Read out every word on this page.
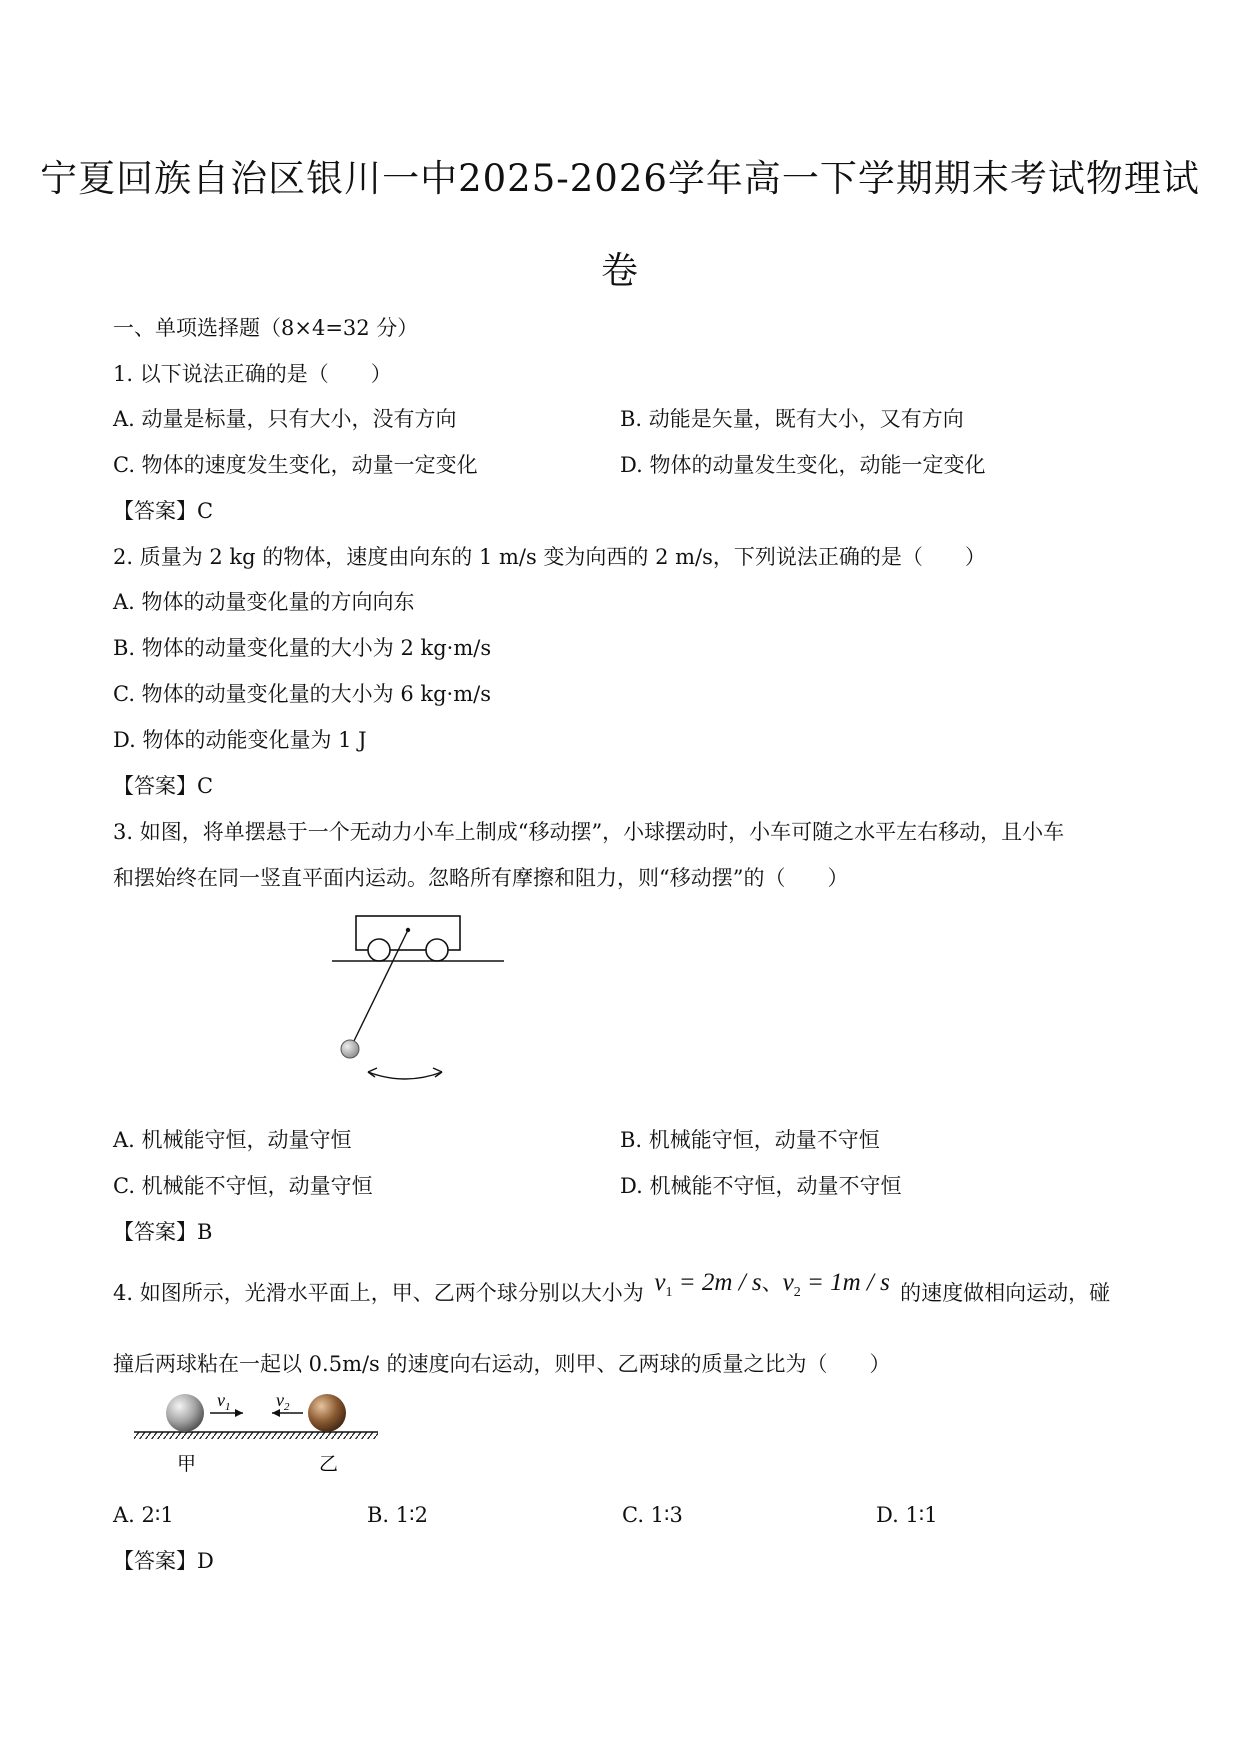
宁夏回族自治区银川一中2025-2026学年高一下学期期末考试物理试
卷
一、单项选择题（8×4=32 分）
1. 以下说法正确的是（　　）
A. 动量是标量，只有大小，没有方向	B. 动能是矢量，既有大小，又有方向
C. 物体的速度发生变化，动量一定变化	D. 物体的动量发生变化，动能一定变化
【答案】C
2. 质量为 2 kg 的物体，速度由向东的 1 m/s 变为向西的 2 m/s，下列说法正确的是（　　）
A. 物体的动量变化量的方向向东
B. 物体的动量变化量的大小为 2 kg·m/s
C. 物体的动量变化量的大小为 6 kg·m/s
D. 物体的动能变化量为 1 J
【答案】C
3. 如图，将单摆悬于一个无动力小车上制成“移动摆”，小球摆动时，小车可随之水平左右移动，且小车
和摆始终在同一竖直平面内运动。忽略所有摩擦和阻力，则“移动摆”的（　　）
A. 机械能守恒，动量守恒	B. 机械能守恒，动量不守恒
C. 机械能不守恒，动量守恒	D. 机械能不守恒，动量不守恒
【答案】B
4. 如图所示，光滑水平面上，甲、乙两个球分别以大小为 $v_1 = 2m / s$、$v_2 = 1m / s$ 的速度做相向运动，碰
撞后两球粘在一起以 0.5m/s 的速度向右运动，则甲、乙两球的质量之比为（　　）
$v_1$	$v_2$
甲	乙
A. 2∶1	B. 1∶2	C. 1∶3	D. 1∶1
【答案】D
